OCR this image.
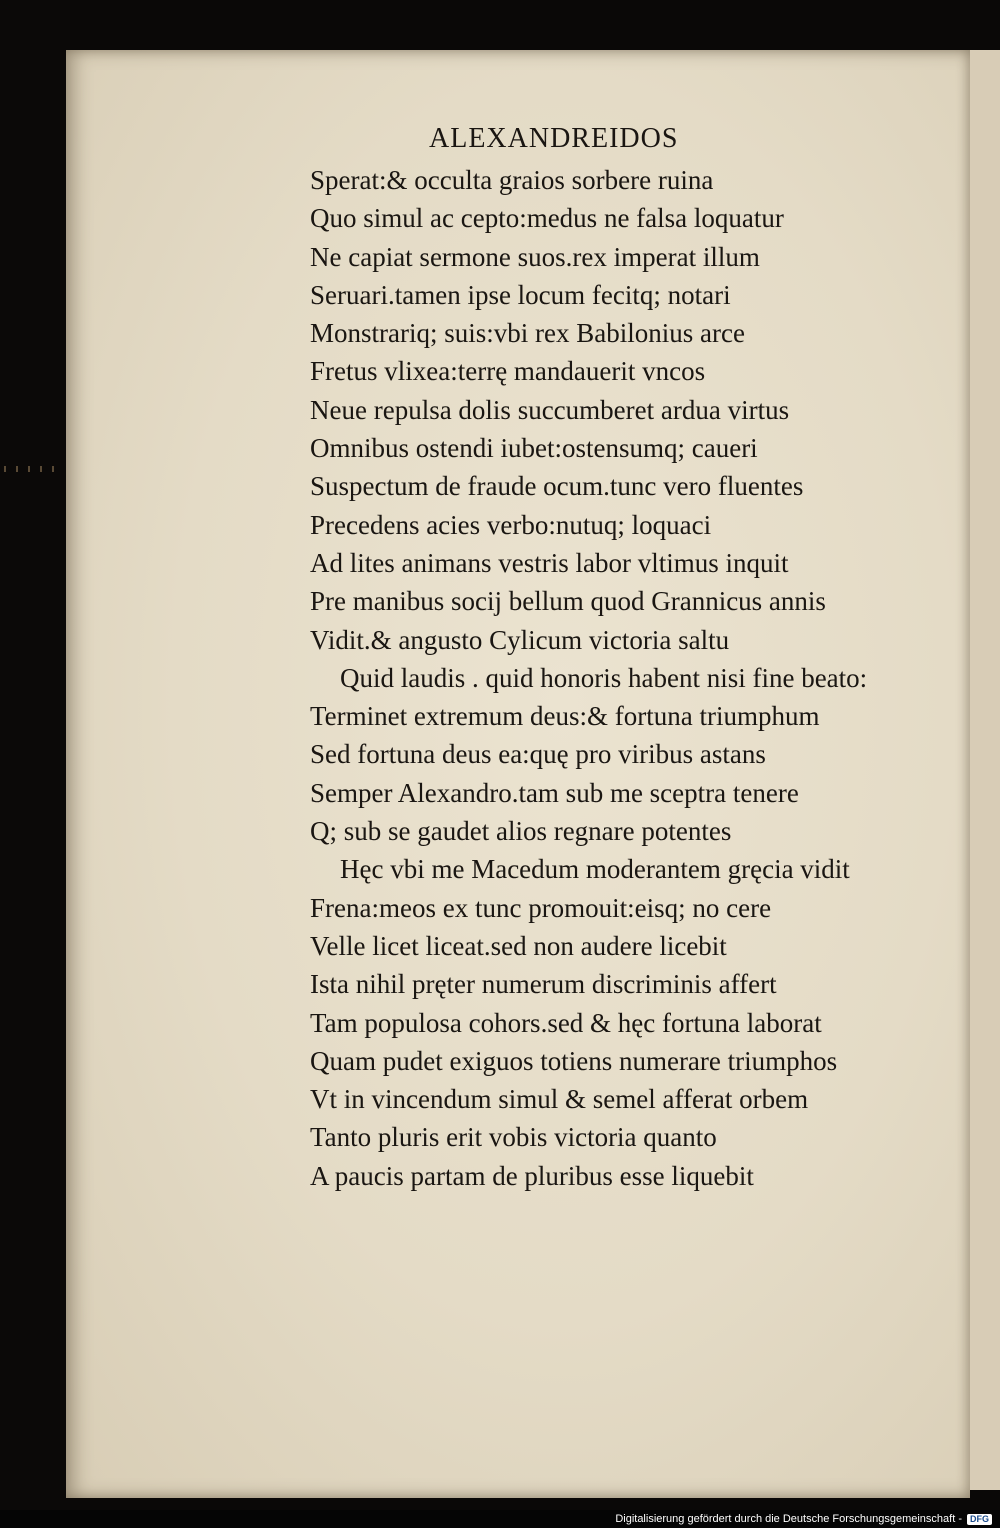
ALEXANDREIDOS
Sperat:& occulta graios sorbere ruina
Quo simul ac cepto:medus ne falsa loquatur
Ne capiat sermone suos.rex imperat illum
Seruari.tamen ipse locum fecitq; notari
Monstrariq; suis:vbi rex Babilonius arce
Fretus vlixea:terrę mandauerit vncos
Neue repulsa dolis succumberet ardua virtus
Omnibus ostendi iubet:ostensumq; caueri
Suspectum de fraude ocum.tunc vero fluentes
Precedens acies verbo:nutuq; loquaci
Ad lites animans vestris labor vltimus inquit
Pre manibus socij bellum quod Grannicus annis
Vidit.& angusto Cylicum victoria saltu
Quid laudis . quid honoris habent nisi fine beato:
Terminet extremum deus:& fortuna triumphum
Sed fortuna deus ea:quę pro viribus astans
Semper Alexandro.tam sub me sceptra tenere
Q; sub se gaudet alios regnare potentes
Hęc vbi me Macedum moderantem gręcia vidit
Frena:meos ex tunc promouit:eisq; no cere
Velle licet liceat.sed non audere licebit
Ista nihil pręter numerum discriminis affert
Tam populosa cohors.sed & hęc fortuna laborat
Quam pudet exiguos totiens numerare triumphos
Vt in vincendum simul & semel afferat orbem
Tanto pluris erit vobis victoria quanto
A paucis partam de pluribus esse liquebit
Digitalisierung gefördert durch die Deutsche Forschungsgemeinschaft - DFG
